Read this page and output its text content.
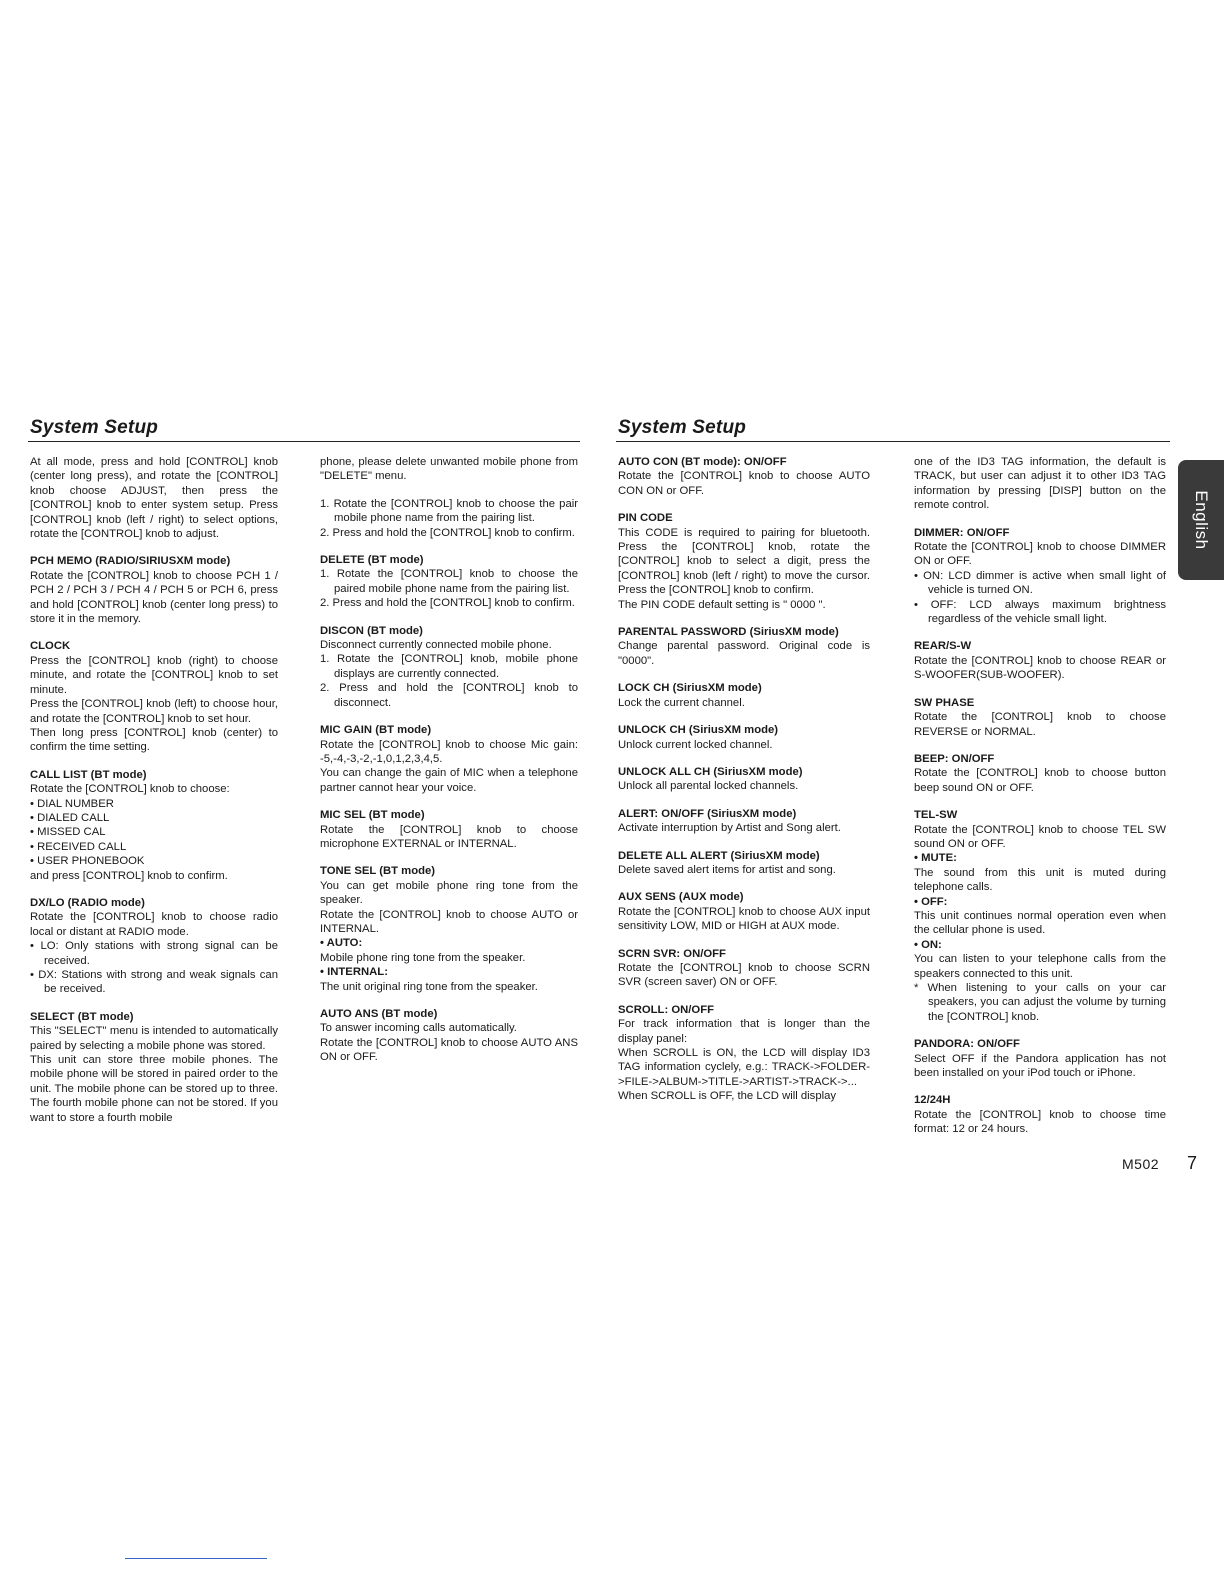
System Setup	System Setup

At all mode, press and hold [CONTROL] knob (center long press), and rotate the [CONTROL] knob choose ADJUST, then press the [CONTROL] knob to enter system setup. Press [CONTROL] knob (left / right) to select options, rotate the [CONTROL] knob to adjust.

PCH MEMO (RADIO/SIRIUSXM mode)

Rotate the [CONTROL] knob to choose PCH 1 / PCH 2 / PCH 3 / PCH 4 / PCH 5 or PCH 6, press and hold [CONTROL] knob (center long press) to store it in the memory.

CLOCK

Press the [CONTROL] knob (right) to choose minute, and rotate the [CONTROL] knob to set minute.

Press the [CONTROL] knob (left) to choose hour, and rotate the [CONTROL] knob to set hour.

Then long press [CONTROL] knob (center) to confirm the time setting.

CALL LIST (BT mode)

Rotate the [CONTROL] knob to choose:

• DIAL NUMBER
• DIALED CALL
• MISSED CAL
• RECEIVED CALL
• USER PHONEBOOK

and press [CONTROL] knob to confirm.

DX/LO (RADIO mode)

Rotate the [CONTROL] knob to choose radio local or distant at RADIO mode.

• LO: Only stations with strong signal can be received.

• DX: Stations with strong and weak signals can be received.

SELECT (BT mode)

This "SELECT" menu is intended to automatically paired by selecting a mobile phone was stored.

This unit can store three mobile phones. The mobile phone will be stored in paired order to the unit. The mobile phone can be stored up to three. The fourth mobile phone can not be stored. If you want to store a fourth mobile

phone, please delete unwanted mobile phone from "DELETE" menu.

1. Rotate the [CONTROL] knob to choose the pair mobile phone name from the pairing list.

2. Press and hold the [CONTROL] knob to confirm.

DELETE (BT mode)

1. Rotate the [CONTROL] knob to choose the paired mobile phone name from the pairing list.

2. Press and hold the [CONTROL] knob to confirm.

DISCON (BT mode)

Disconnect currently connected mobile phone.

1. Rotate the [CONTROL] knob, mobile phone displays are currently connected.

2. Press and hold the [CONTROL] knob to disconnect.

MIC GAIN (BT mode)

Rotate the [CONTROL] knob to choose Mic gain: -5,-4,-3,-2,-1,0,1,2,3,4,5.

You can change the gain of MIC when a telephone partner cannot hear your voice.

MIC SEL (BT mode)

Rotate the [CONTROL] knob to choose microphone EXTERNAL or INTERNAL.

TONE SEL (BT mode)

You can get mobile phone ring tone from the speaker.

Rotate the [CONTROL] knob to choose AUTO or INTERNAL.

• AUTO:

Mobile phone ring tone from the speaker.

• INTERNAL:

The unit original ring tone from the speaker.

AUTO ANS (BT mode)

To answer incoming calls automatically.

Rotate the [CONTROL] knob to choose AUTO ANS ON or OFF.

AUTO CON (BT mode): ON/OFF

Rotate the [CONTROL] knob to choose AUTO CON ON or OFF.

PIN CODE

This CODE is required to pairing for bluetooth. Press the [CONTROL] knob, rotate the [CONTROL] knob to select a digit, press the [CONTROL] knob (left / right) to move the cursor. Press the [CONTROL] knob to confirm.

The PIN CODE default setting is " 0000 ".

PARENTAL PASSWORD (SiriusXM mode)

Change parental password. Original code is "0000".

LOCK CH (SiriusXM mode)

Lock the current channel.

UNLOCK CH (SiriusXM mode)

Unlock current locked channel.

UNLOCK ALL CH (SiriusXM mode)

Unlock all parental locked channels.

ALERT: ON/OFF (SiriusXM mode)

Activate interruption by Artist and Song alert.

DELETE ALL ALERT (SiriusXM mode)

Delete saved alert items for artist and song.

AUX SENS (AUX mode)

Rotate the [CONTROL] knob to choose AUX input sensitivity LOW, MID or HIGH at AUX mode.

SCRN SVR: ON/OFF

Rotate the [CONTROL] knob to choose SCRN SVR (screen saver) ON or OFF.

SCROLL: ON/OFF

For track information that is longer than the display panel:

When SCROLL is ON, the LCD will display ID3 TAG information cyclely, e.g.: TRACK->FOLDER->FILE->ALBUM->TITLE->ARTIST->TRACK->...

When SCROLL is OFF, the LCD will display

one of the ID3 TAG information, the default is TRACK, but user can adjust it to other ID3 TAG information by pressing [DISP] button on the remote control.

DIMMER: ON/OFF

Rotate the [CONTROL] knob to choose DIMMER ON or OFF.

• ON: LCD dimmer is active when small light of vehicle is turned ON.

• OFF: LCD always maximum brightness regardless of the vehicle small light.

REAR/S-W

Rotate the [CONTROL] knob to choose REAR or S-WOOFER(SUB-WOOFER).

SW PHASE

Rotate the [CONTROL] knob to choose REVERSE or NORMAL.

BEEP: ON/OFF

Rotate the [CONTROL] knob to choose button beep sound ON or OFF.

TEL-SW

Rotate the [CONTROL] knob to choose TEL SW sound ON or OFF.

• MUTE:

The sound from this unit is muted during telephone calls.

• OFF:

This unit continues normal operation even when the cellular phone is used.

• ON:

You can listen to your telephone calls from the speakers connected to this unit.

* When listening to your calls on your car speakers, you can adjust the volume by turning the [CONTROL] knob.

PANDORA: ON/OFF

Select OFF if the Pandora application has not been installed on your iPod touch or iPhone.

12/24H

Rotate the [CONTROL] knob to choose time format: 12 or 24 hours.

English
M502 7
